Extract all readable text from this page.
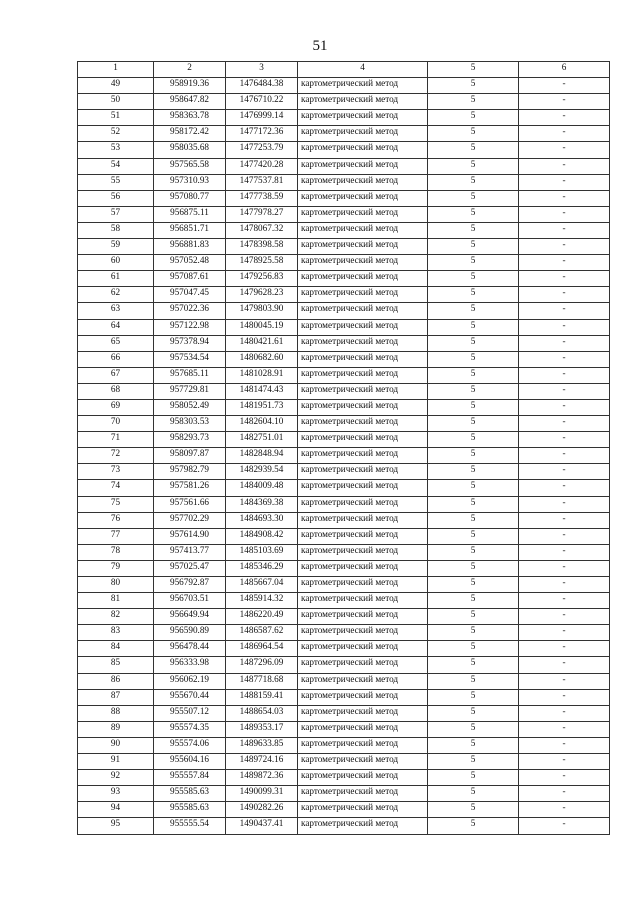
51
1	2	3	4	5	6
49	958919.36	1476484.38	картометрический метод	5	-
50	958647.82	1476710.22	картометрический метод	5	-
51	958363.78	1476999.14	картометрический метод	5	-
52	958172.42	1477172.36	картометрический метод	5	-
53	958035.68	1477253.79	картометрический метод	5	-
54	957565.58	1477420.28	картометрический метод	5	-
55	957310.93	1477537.81	картометрический метод	5	-
56	957080.77	1477738.59	картометрический метод	5	-
57	956875.11	1477978.27	картометрический метод	5	-
58	956851.71	1478067.32	картометрический метод	5	-
59	956881.83	1478398.58	картометрический метод	5	-
60	957052.48	1478925.58	картометрический метод	5	-
61	957087.61	1479256.83	картометрический метод	5	-
62	957047.45	1479628.23	картометрический метод	5	-
63	957022.36	1479803.90	картометрический метод	5	-
64	957122.98	1480045.19	картометрический метод	5	-
65	957378.94	1480421.61	картометрический метод	5	-
66	957534.54	1480682.60	картометрический метод	5	-
67	957685.11	1481028.91	картометрический метод	5	-
68	957729.81	1481474.43	картометрический метод	5	-
69	958052.49	1481951.73	картометрический метод	5	-
70	958303.53	1482604.10	картометрический метод	5	-
71	958293.73	1482751.01	картометрический метод	5	-
72	958097.87	1482848.94	картометрический метод	5	-
73	957982.79	1482939.54	картометрический метод	5	-
74	957581.26	1484009.48	картометрический метод	5	-
75	957561.66	1484369.38	картометрический метод	5	-
76	957702.29	1484693.30	картометрический метод	5	-
77	957614.90	1484908.42	картометрический метод	5	-
78	957413.77	1485103.69	картометрический метод	5	-
79	957025.47	1485346.29	картометрический метод	5	-
80	956792.87	1485667.04	картометрический метод	5	-
81	956703.51	1485914.32	картометрический метод	5	-
82	956649.94	1486220.49	картометрический метод	5	-
83	956590.89	1486587.62	картометрический метод	5	-
84	956478.44	1486964.54	картометрический метод	5	-
85	956333.98	1487296.09	картометрический метод	5	-
86	956062.19	1487718.68	картометрический метод	5	-
87	955670.44	1488159.41	картометрический метод	5	-
88	955507.12	1488654.03	картометрический метод	5	-
89	955574.35	1489353.17	картометрический метод	5	-
90	955574.06	1489633.85	картометрический метод	5	-
91	955604.16	1489724.16	картометрический метод	5	-
92	955557.84	1489872.36	картометрический метод	5	-
93	955585.63	1490099.31	картометрический метод	5	-
94	955585.63	1490282.26	картометрический метод	5	-
95	955555.54	1490437.41	картометрический метод	5	-
